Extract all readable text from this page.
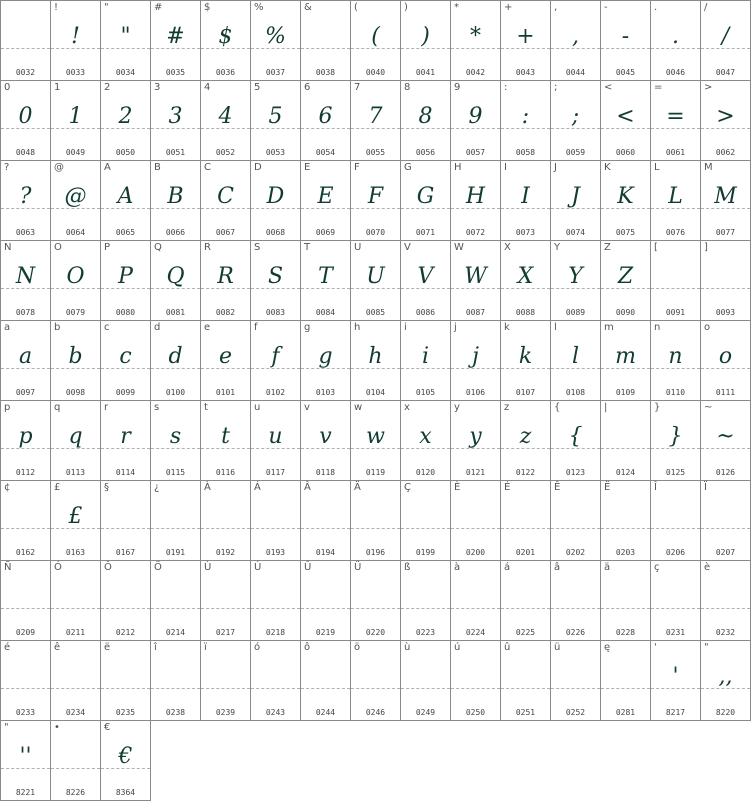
0032
!
!
0033
"
"
0034
#
#
0035
$
$
0036
%
%
0037
&
0038
(
(
0040
)
)
0041
*
*
0042
+
+
0043
,
,
0044
-
-
0045
.
.
0046
/
/
0047
0
0
0048
1
1
0049
2
2
0050
3
3
0051
4
4
0052
5
5
0053
6
6
0054
7
7
0055
8
8
0056
9
9
0057
:
:
0058
;
;
0059
<
<
0060
=
=
0061
>
>
0062
?
?
0063
@
@
0064
A
A
0065
B
B
0066
C
C
0067
D
D
0068
E
E
0069
F
F
0070
G
G
0071
H
H
0072
I
I
0073
J
J
0074
K
K
0075
L
L
0076
M
M
0077
N
N
0078
O
O
0079
P
P
0080
Q
Q
0081
R
R
0082
S
S
0083
T
T
0084
U
U
0085
V
V
0086
W
W
0087
X
X
0088
Y
Y
0089
Z
Z
0090
[
0091
]
0093
a
a
0097
b
b
0098
c
c
0099
d
d
0100
e
e
0101
f
f
0102
g
g
0103
h
h
0104
i
i
0105
j
j
0106
k
k
0107
l
l
0108
m
m
0109
n
n
0110
o
o
0111
p
p
0112
q
q
0113
r
r
0114
s
s
0115
t
t
0116
u
u
0117
v
v
0118
w
w
0119
x
x
0120
y
y
0121
z
z
0122
{
{
0123
|
0124
}
}
0125
~
~
0126
¢
0162
£
£
0163
§
0167
¿
0191
À
0192
Á
0193
Â
0194
Ä
0196
Ç
0199
È
0200
É
0201
Ê
0202
Ë
0203
Î
0206
Ï
0207
Ñ
0209
Ó
0211
Ô
0212
Ö
0214
Ù
0217
Ú
0218
Û
0219
Ü
0220
ß
0223
à
0224
á
0225
â
0226
ä
0228
ç
0231
è
0232
é
0233
ê
0234
ë
0235
î
0238
ï
0239
ó
0243
ô
0244
ö
0246
ù
0249
ú
0250
û
0251
ü
0252
ę
0281
'
'
8217
"
,,
8220
"
''
8221
•
8226
€
€
8364
